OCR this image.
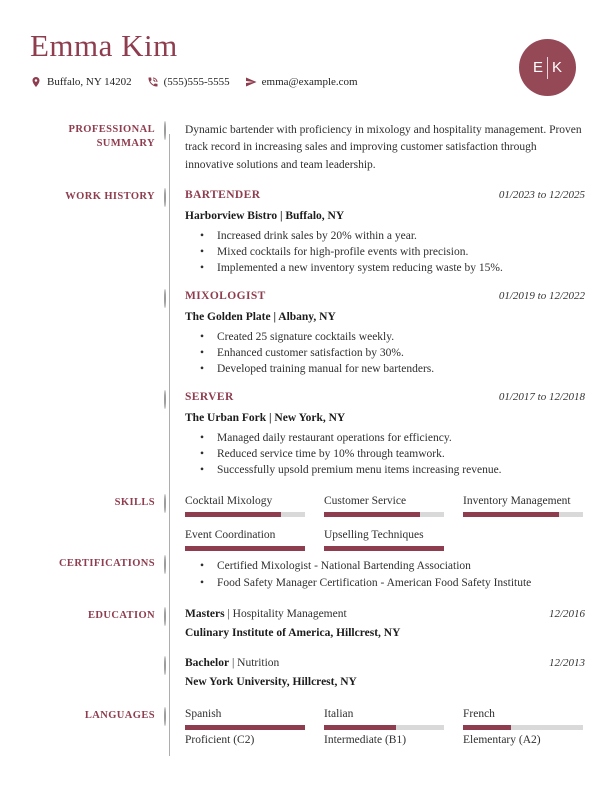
Emma Kim
Buffalo, NY 14202	(555)555-5555	emma@example.com
E K
PROFESSIONAL SUMMARY
Dynamic bartender with proficiency in mixology and hospitality management. Proven track record in increasing sales and improving customer satisfaction through innovative solutions and team leadership.
WORK HISTORY	BARTENDER	01/2023 to 12/2025
Harborview Bistro | Buffalo, NY
• Increased drink sales by 20% within a year.
• Mixed cocktails for high-profile events with precision.
• Implemented a new inventory system reducing waste by 15%.
MIXOLOGIST	01/2019 to 12/2022
The Golden Plate | Albany, NY
• Created 25 signature cocktails weekly.
• Enhanced customer satisfaction by 30%.
• Developed training manual for new bartenders.
SERVER	01/2017 to 12/2018
The Urban Fork | New York, NY
• Managed daily restaurant operations for efficiency.
• Reduced service time by 10% through teamwork.
• Successfully upsold premium menu items increasing revenue.
SKILLS	Cocktail Mixology	Customer Service	Inventory Management
Event Coordination	Upselling Techniques
CERTIFICATIONS	• Certified Mixologist - National Bartending Association
• Food Safety Manager Certification - American Food Safety Institute
EDUCATION	Masters | Hospitality Management	12/2016
Culinary Institute of America, Hillcrest, NY
Bachelor | Nutrition	12/2013
New York University, Hillcrest, NY
LANGUAGES	Spanish
Proficient (C2)
Italian
Intermediate (B1)
French
Elementary (A2)
